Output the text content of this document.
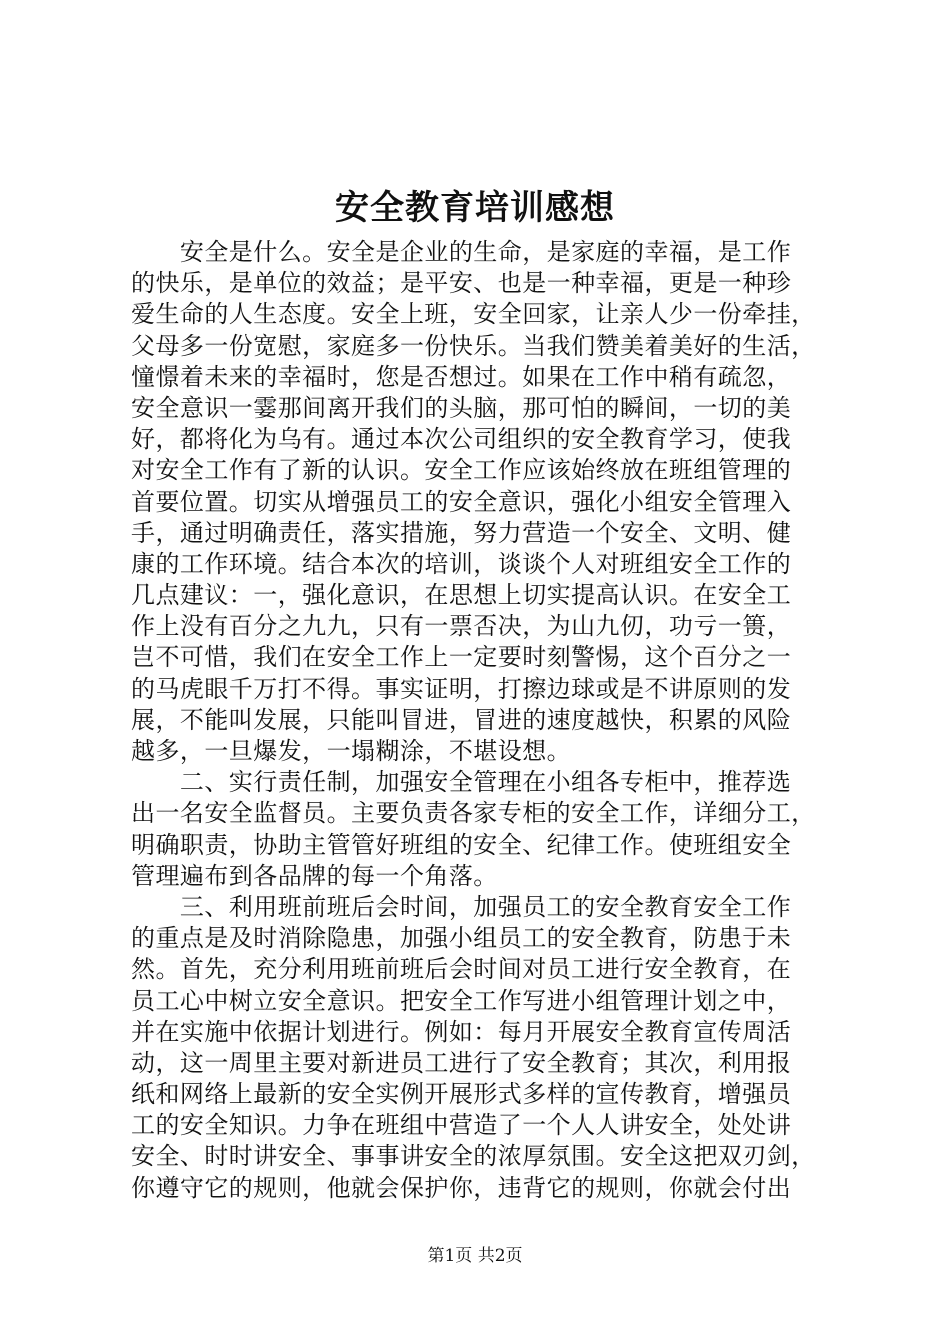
安全教育培训感想
　　安全是什么。安全是企业的生命，是家庭的幸福，是工作
的快乐，是单位的效益；是平安、也是一种幸福，更是一种珍
爱生命的人生态度。安全上班，安全回家，让亲人少一份牵挂，
父母多一份宽慰，家庭多一份快乐。当我们赞美着美好的生活，
憧憬着未来的幸福时，您是否想过。如果在工作中稍有疏忽，
安全意识一霎那间离开我们的头脑，那可怕的瞬间，一切的美
好，都将化为乌有。通过本次公司组织的安全教育学习，使我
对安全工作有了新的认识。安全工作应该始终放在班组管理的
首要位置。切实从增强员工的安全意识，强化小组安全管理入
手，通过明确责任，落实措施，努力营造一个安全、文明、健
康的工作环境。结合本次的培训，谈谈个人对班组安全工作的
几点建议：一，强化意识，在思想上切实提高认识。在安全工
作上没有百分之九九，只有一票否决，为山九仞，功亏一篑，
岂不可惜，我们在安全工作上一定要时刻警惕，这个百分之一
的马虎眼千万打不得。事实证明，打擦边球或是不讲原则的发
展，不能叫发展，只能叫冒进，冒进的速度越快，积累的风险
越多，一旦爆发，一塌糊涂，不堪设想。
　　二、实行责任制，加强安全管理在小组各专柜中，推荐选
出一名安全监督员。主要负责各家专柜的安全工作，详细分工，
明确职责，协助主管管好班组的安全、纪律工作。使班组安全
管理遍布到各品牌的每一个角落。
　　三、利用班前班后会时间，加强员工的安全教育安全工作
的重点是及时消除隐患，加强小组员工的安全教育，防患于未
然。首先，充分利用班前班后会时间对员工进行安全教育，在
员工心中树立安全意识。把安全工作写进小组管理计划之中，
并在实施中依据计划进行。例如：每月开展安全教育宣传周活
动，这一周里主要对新进员工进行了安全教育；其次，利用报
纸和网络上最新的安全实例开展形式多样的宣传教育，增强员
工的安全知识。力争在班组中营造了一个人人讲安全，处处讲
安全、时时讲安全、事事讲安全的浓厚氛围。安全这把双刃剑，
你遵守它的规则，他就会保护你，违背它的规则，你就会付出
第1页 共2页
